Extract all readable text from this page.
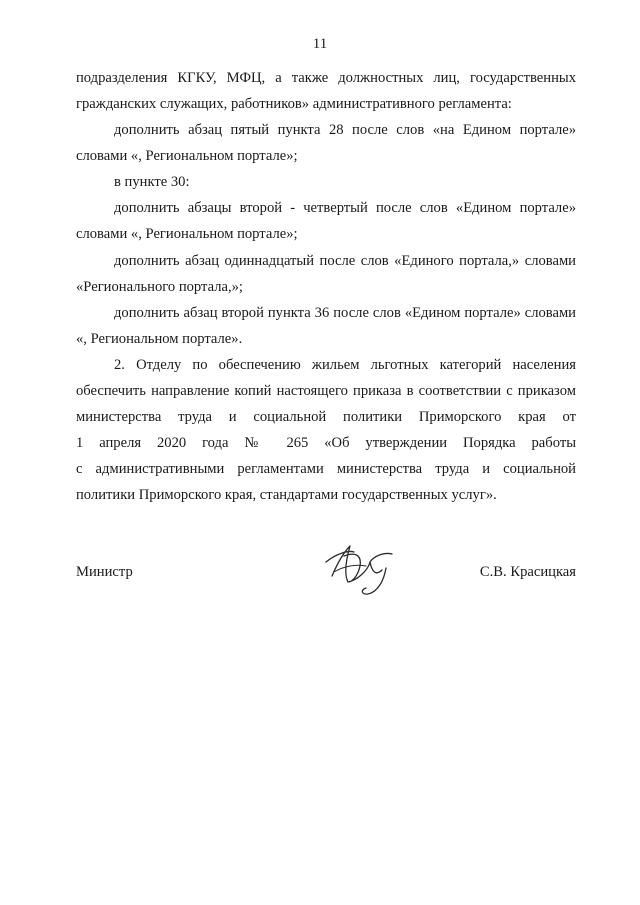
11
подразделения КГКУ, МФЦ, а также должностных лиц, государственных
гражданских служащих, работников» административного регламента:
дополнить абзац пятый пункта 28 после слов «на Едином портале»
словами «, Региональном портале»;
в пункте 30:
дополнить абзацы второй - четвертый после слов «Едином портале»
словами «, Региональном портале»;
дополнить абзац одиннадцатый после слов «Единого портала,» словами
«Регионального портала,»;
дополнить абзац второй пункта 36 после слов «Едином портале» словами
«, Региональном портале».
2. Отделу по обеспечению жильем льготных категорий населения
обеспечить направление копий настоящего приказа в соответствии с приказом
министерства труда и социальной политики Приморского края от
1 апреля 2020 года № 265 «Об утверждении Порядка работы
с административными регламентами министерства труда и социальной
политики Приморского края, стандартами государственных услуг».
Министр	С.В. Красицкая
